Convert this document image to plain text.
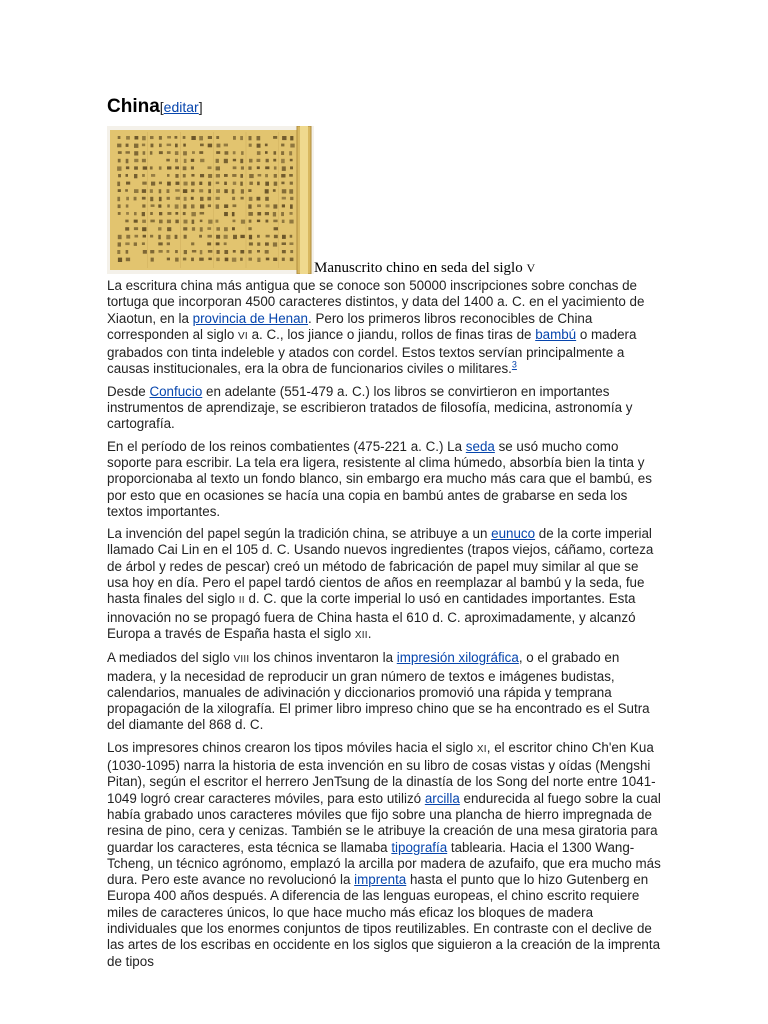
China[editar]
Manuscrito chino en seda del siglo V

La escritura china más antigua que se conoce son 50000 inscripciones sobre conchas de tortuga que incorporan 4500 caracteres distintos, y data del 1400 a. C. en el yacimiento de Xiaotun, en la provincia de Henan. Pero los primeros libros reconocibles de China corresponden al siglo VI a. C., los jiance o jiandu, rollos de finas tiras de bambú o madera grabados con tinta indeleble y atados con cordel. Estos textos servían principalmente a causas institucionales, era la obra de funcionarios civiles o militares.$^3$

Desde Confucio en adelante (551-479 a. C.) los libros se convirtieron en importantes instrumentos de aprendizaje, se escribieron tratados de filosofía, medicina, astronomía y cartografía.

En el período de los reinos combatientes (475-221 a. C.) La seda se usó mucho como soporte para escribir. La tela era ligera, resistente al clima húmedo, absorbía bien la tinta y proporcionaba al texto un fondo blanco, sin embargo era mucho más cara que el bambú, es por esto que en ocasiones se hacía una copia en bambú antes de grabarse en seda los textos importantes.

La invención del papel según la tradición china, se atribuye a un eunuco de la corte imperial llamado Cai Lin en el 105 d. C. Usando nuevos ingredientes (trapos viejos, cáñamo, corteza de árbol y redes de pescar) creó un método de fabricación de papel muy similar al que se usa hoy en día. Pero el papel tardó cientos de años en reemplazar al bambú y la seda, fue hasta finales del siglo II d. C. que la corte imperial lo usó en cantidades importantes. Esta innovación no se propagó fuera de China hasta el 610 d. C. aproximadamente, y alcanzó Europa a través de España hasta el siglo XII.

A mediados del siglo VIII los chinos inventaron la impresión xilográfica, o el grabado en madera, y la necesidad de reproducir un gran número de textos e imágenes budistas, calendarios, manuales de adivinación y diccionarios promovió una rápida y temprana propagación de la xilografía. El primer libro impreso chino que se ha encontrado es el Sutra del diamante del 868 d. C.

Los impresores chinos crearon los tipos móviles hacia el siglo XI, el escritor chino Ch'en Kua (1030-1095) narra la historia de esta invención en su libro de cosas vistas y oídas (Mengshi Pitan), según el escritor el herrero JenTsung de la dinastía de los Song del norte entre 1041-1049 logró crear caracteres móviles, para esto utilizó arcilla endurecida al fuego sobre la cual había grabado unos caracteres móviles que fijo sobre una plancha de hierro impregnada de resina de pino, cera y cenizas. También se le atribuye la creación de una mesa giratoria para guardar los caracteres, esta técnica se llamaba tipografía tablearia. Hacia el 1300 Wang-Tcheng, un técnico agrónomo, emplazó la arcilla por madera de azufaifo, que era mucho más dura. Pero este avance no revolucionó la imprenta hasta el punto que lo hizo Gutenberg en Europa 400 años después. A diferencia de las lenguas europeas, el chino escrito requiere miles de caracteres únicos, lo que hace mucho más eficaz los bloques de madera individuales que los enormes conjuntos de tipos reutilizables. En contraste con el declive de las artes de los escribas en occidente en los siglos que siguieron a la creación de la imprenta de tipos
